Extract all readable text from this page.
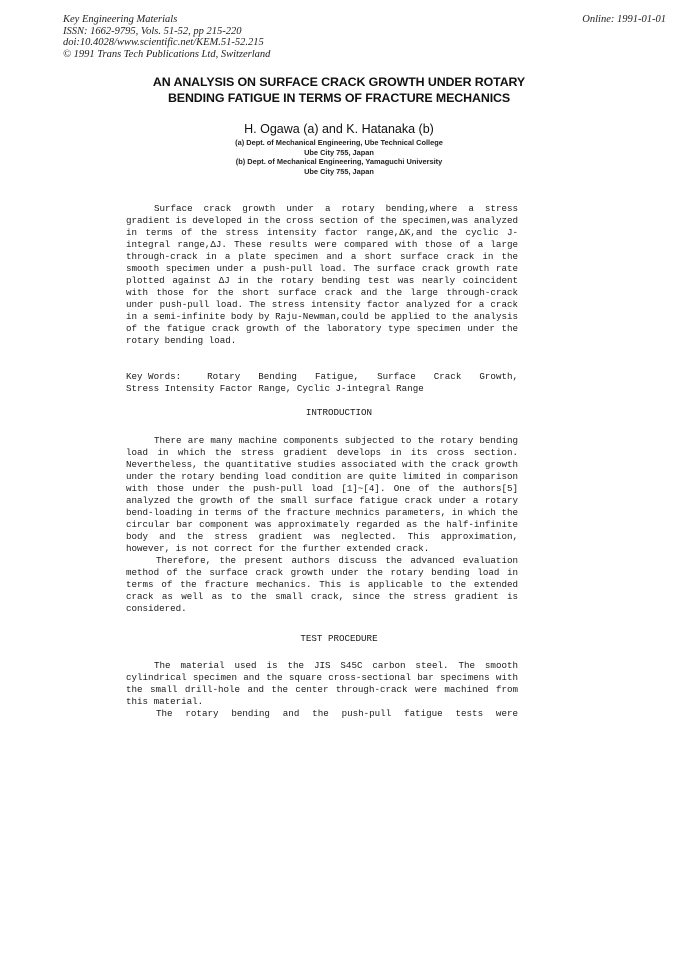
Key Engineering Materials
ISSN: 1662-9795, Vols. 51-52, pp 215-220
doi:10.4028/www.scientific.net/KEM.51-52.215
© 1991 Trans Tech Publications Ltd, Switzerland
Online: 1991-01-01
AN ANALYSIS ON SURFACE CRACK GROWTH UNDER ROTARY
BENDING FATIGUE IN TERMS OF FRACTURE MECHANICS
H. Ogawa (a) and K. Hatanaka (b)
(a) Dept. of Mechanical Engineering, Ube Technical College
Ube City 755, Japan
(b) Dept. of Mechanical Engineering, Yamaguchi University
Ube City 755, Japan

Surface crack growth under a rotary bending,where a stress gradient is developed in the cross section of the specimen,was analyzed in terms of the stress intensity factor range,ΔK,and the cyclic J-integral range,ΔJ. These results were compared with those of a large through-crack in a plate specimen and a short surface crack in the smooth specimen under a push-pull load. The surface crack growth rate plotted against ΔJ in the rotary bending test was nearly coincident with those for the short surface crack and the large through-crack under push-pull load. The stress intensity factor analyzed for a crack in a semi-infinite body by Raju-Newman,could be applied to the analysis of the fatigue crack growth of the laboratory type specimen under the rotary bending load.

Key Words:	Rotary Bending Fatigue, Surface Crack Growth,
Stress Intensity Factor Range, Cyclic J-integral Range
INTRODUCTION

There are many machine components subjected to the rotary bending load in which the stress gradient develops in its cross section. Nevertheless, the quantitative studies associated with the crack growth under the rotary bending load condition are quite limited in comparison with those under the push-pull load [1]~[4]. One of the authors[5] analyzed the growth of the small surface fatigue crack under a rotary bend-loading in terms of the fracture mechnics parameters, in which the circular bar component was approximately regarded as the half-infinite body and the stress gradient was neglected. This approximation, however, is not correct for the further extended crack.

Therefore, the present authors discuss the advanced evaluation method of the surface crack growth under the rotary bending load in terms of the fracture mechanics. This is applicable to the extended crack as well as to the small crack, since the stress gradient is considered.

TEST PROCEDURE

The material used is the JIS S45C carbon steel. The smooth cylindrical specimen and the square cross-sectional bar specimens with the small drill-hole and the center through-crack were machined from this material.

The rotary bending and the push-pull fatigue tests were
